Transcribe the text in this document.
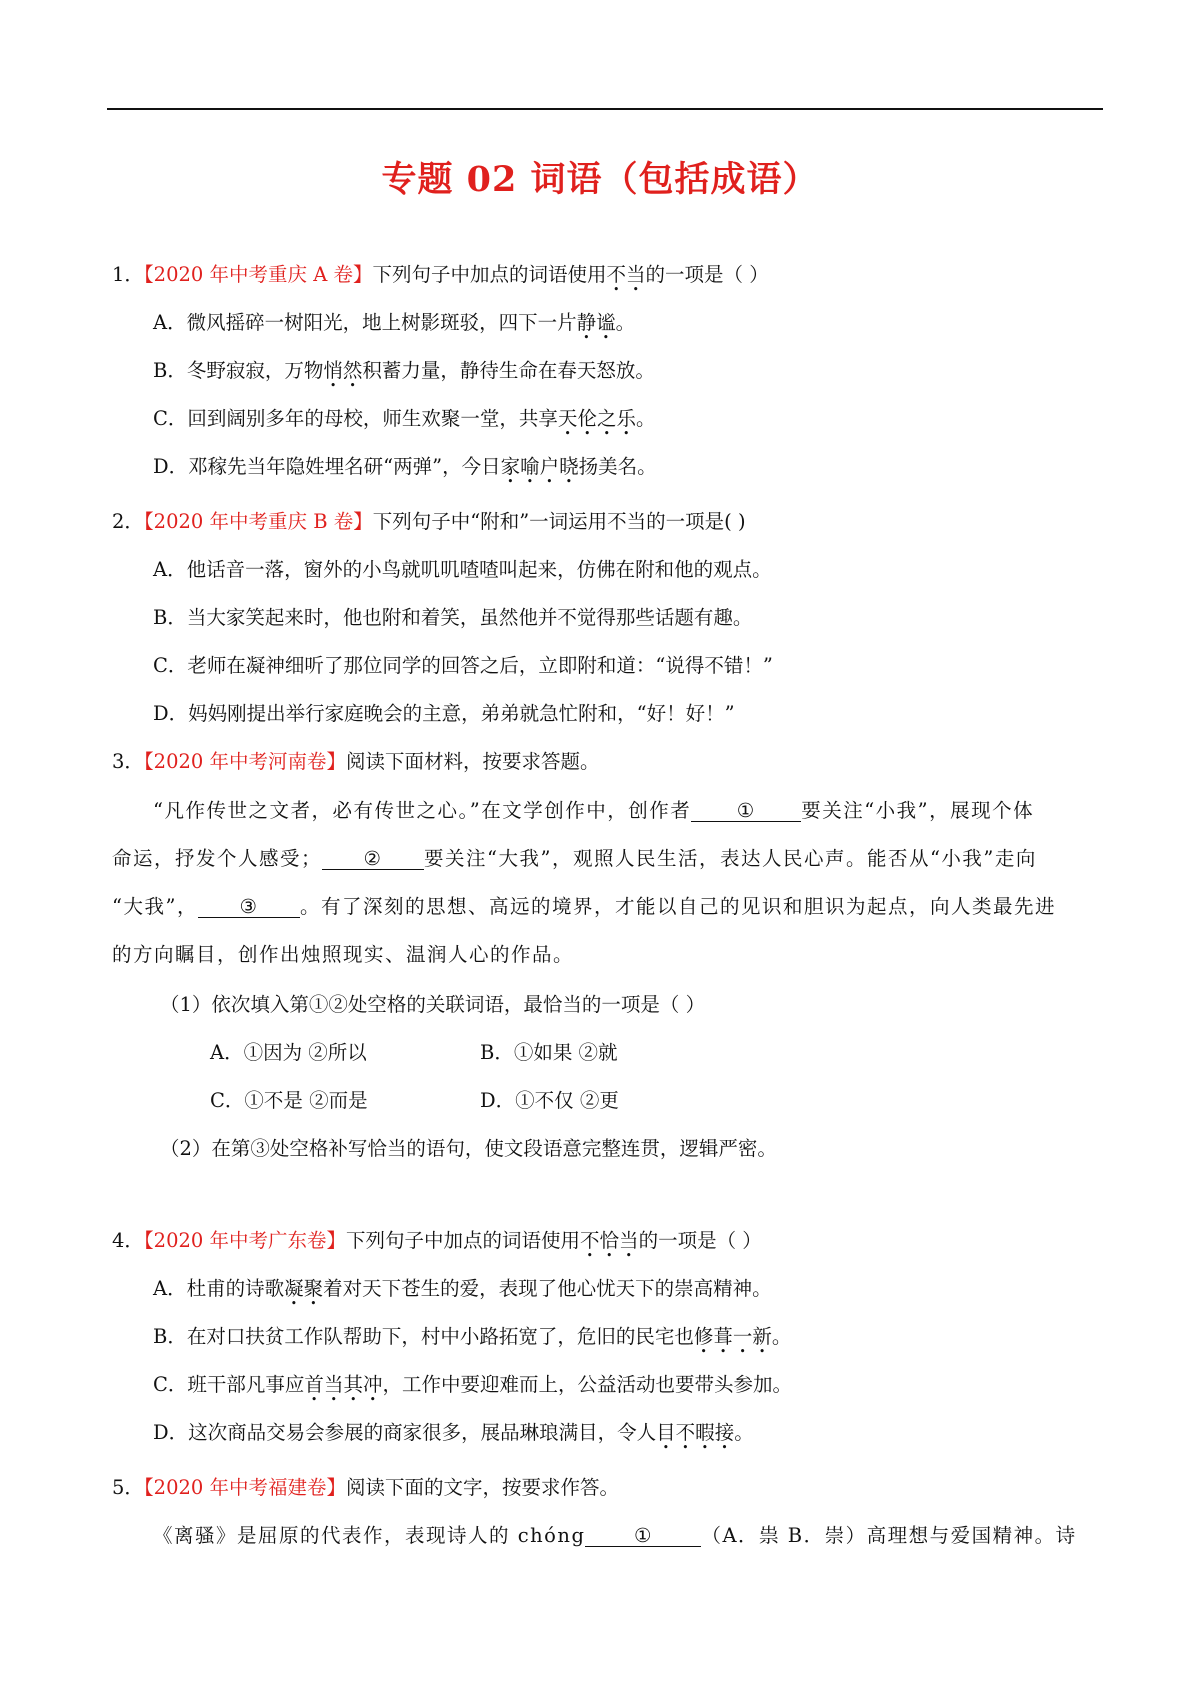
专题 02 词语（包括成语）
1．【2020 年中考重庆 A 卷】下列句子中加点的词语使用不当的一项是（ ）
A．微风摇碎一树阳光，地上树影斑驳，四下一片静谧。
B．冬野寂寂，万物悄然积蓄力量，静待生命在春天怒放。
C．回到阔别多年的母校，师生欢聚一堂，共享天伦之乐。
D．邓稼先当年隐姓埋名研“两弹”，今日家喻户晓扬美名。
2．【2020 年中考重庆 B 卷】下列句子中“附和”一词运用不当的一项是( )
A．他话音一落，窗外的小鸟就叽叽喳喳叫起来，仿佛在附和他的观点。
B．当大家笑起来时，他也附和着笑，虽然他并不觉得那些话题有趣。
C．老师在凝神细听了那位同学的回答之后，立即附和道：“说得不错！”
D．妈妈刚提出举行家庭晚会的主意，弟弟就急忙附和，“好！好！”
3．【2020 年中考河南卷】阅读下面材料，按要求答题。
“凡作传世之文者，必有传世之心。”在文学创作中，创作者 ① 要关注“小我”，展现个体
命运，抒发个人感受； ② 要关注“大我”，观照人民生活，表达人民心声。能否从“小我”走向
“大我”， ③ 。有了深刻的思想、高远的境界，才能以自己的见识和胆识为起点，向人类最先进
的方向瞩目，创作出烛照现实、温润人心的作品。
（1）依次填入第①②处空格的关联词语，最恰当的一项是（ ）
A．①因为 ②所以	B．①如果 ②就
C．①不是 ②而是	D．①不仅 ②更
（2）在第③处空格补写恰当的语句，使文段语意完整连贯，逻辑严密。
4．【2020 年中考广东卷】下列句子中加点的词语使用不恰当的一项是（ ）
A．杜甫的诗歌凝聚着对天下苍生的爱，表现了他心忧天下的崇高精神。
B．在对口扶贫工作队帮助下，村中小路拓宽了，危旧的民宅也修葺一新。
C．班干部凡事应首当其冲，工作中要迎难而上，公益活动也要带头参加。
D．这次商品交易会参展的商家很多，展品琳琅满目，令人目不暇接。
5．【2020 年中考福建卷】阅读下面的文字，按要求作答。
《离骚》是屈原的代表作，表现诗人的 chóng ① （A．祟 B．崇）高理想与爱国精神。诗
